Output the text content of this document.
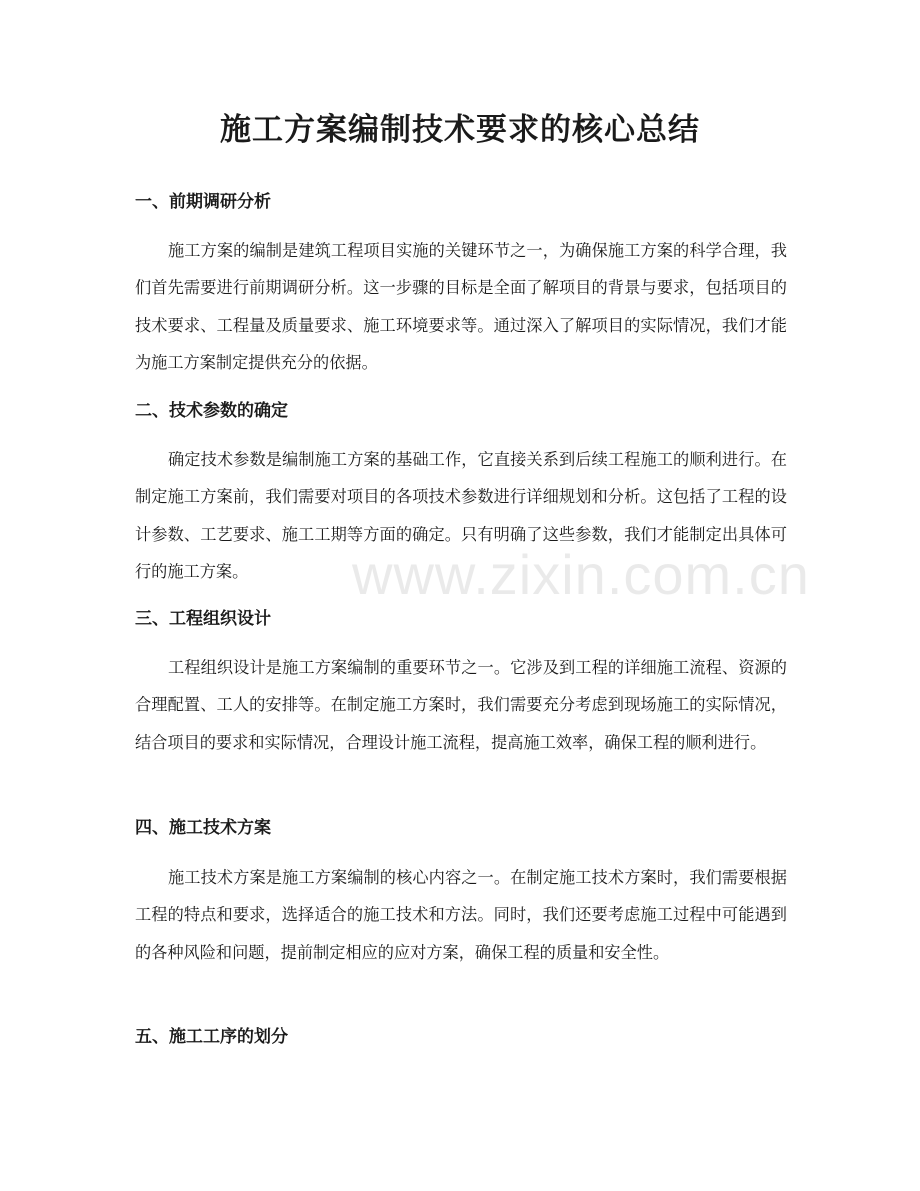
施工方案编制技术要求的核心总结
一、前期调研分析
施工方案的编制是建筑工程项目实施的关键环节之一，为确保施工方案的科学合理，我们首先需要进行前期调研分析。这一步骤的目标是全面了解项目的背景与要求，包括项目的技术要求、工程量及质量要求、施工环境要求等。通过深入了解项目的实际情况，我们才能为施工方案制定提供充分的依据。
二、技术参数的确定
确定技术参数是编制施工方案的基础工作，它直接关系到后续工程施工的顺利进行。在制定施工方案前，我们需要对项目的各项技术参数进行详细规划和分析。这包括了工程的设计参数、工艺要求、施工工期等方面的确定。只有明确了这些参数，我们才能制定出具体可行的施工方案。
三、工程组织设计
工程组织设计是施工方案编制的重要环节之一。它涉及到工程的详细施工流程、资源的合理配置、工人的安排等。在制定施工方案时，我们需要充分考虑到现场施工的实际情况，结合项目的要求和实际情况，合理设计施工流程，提高施工效率，确保工程的顺利进行。
四、施工技术方案
施工技术方案是施工方案编制的核心内容之一。在制定施工技术方案时，我们需要根据工程的特点和要求，选择适合的施工技术和方法。同时，我们还要考虑施工过程中可能遇到的各种风险和问题，提前制定相应的应对方案，确保工程的质量和安全性。
五、施工工序的划分
www.zixin.com.cn
